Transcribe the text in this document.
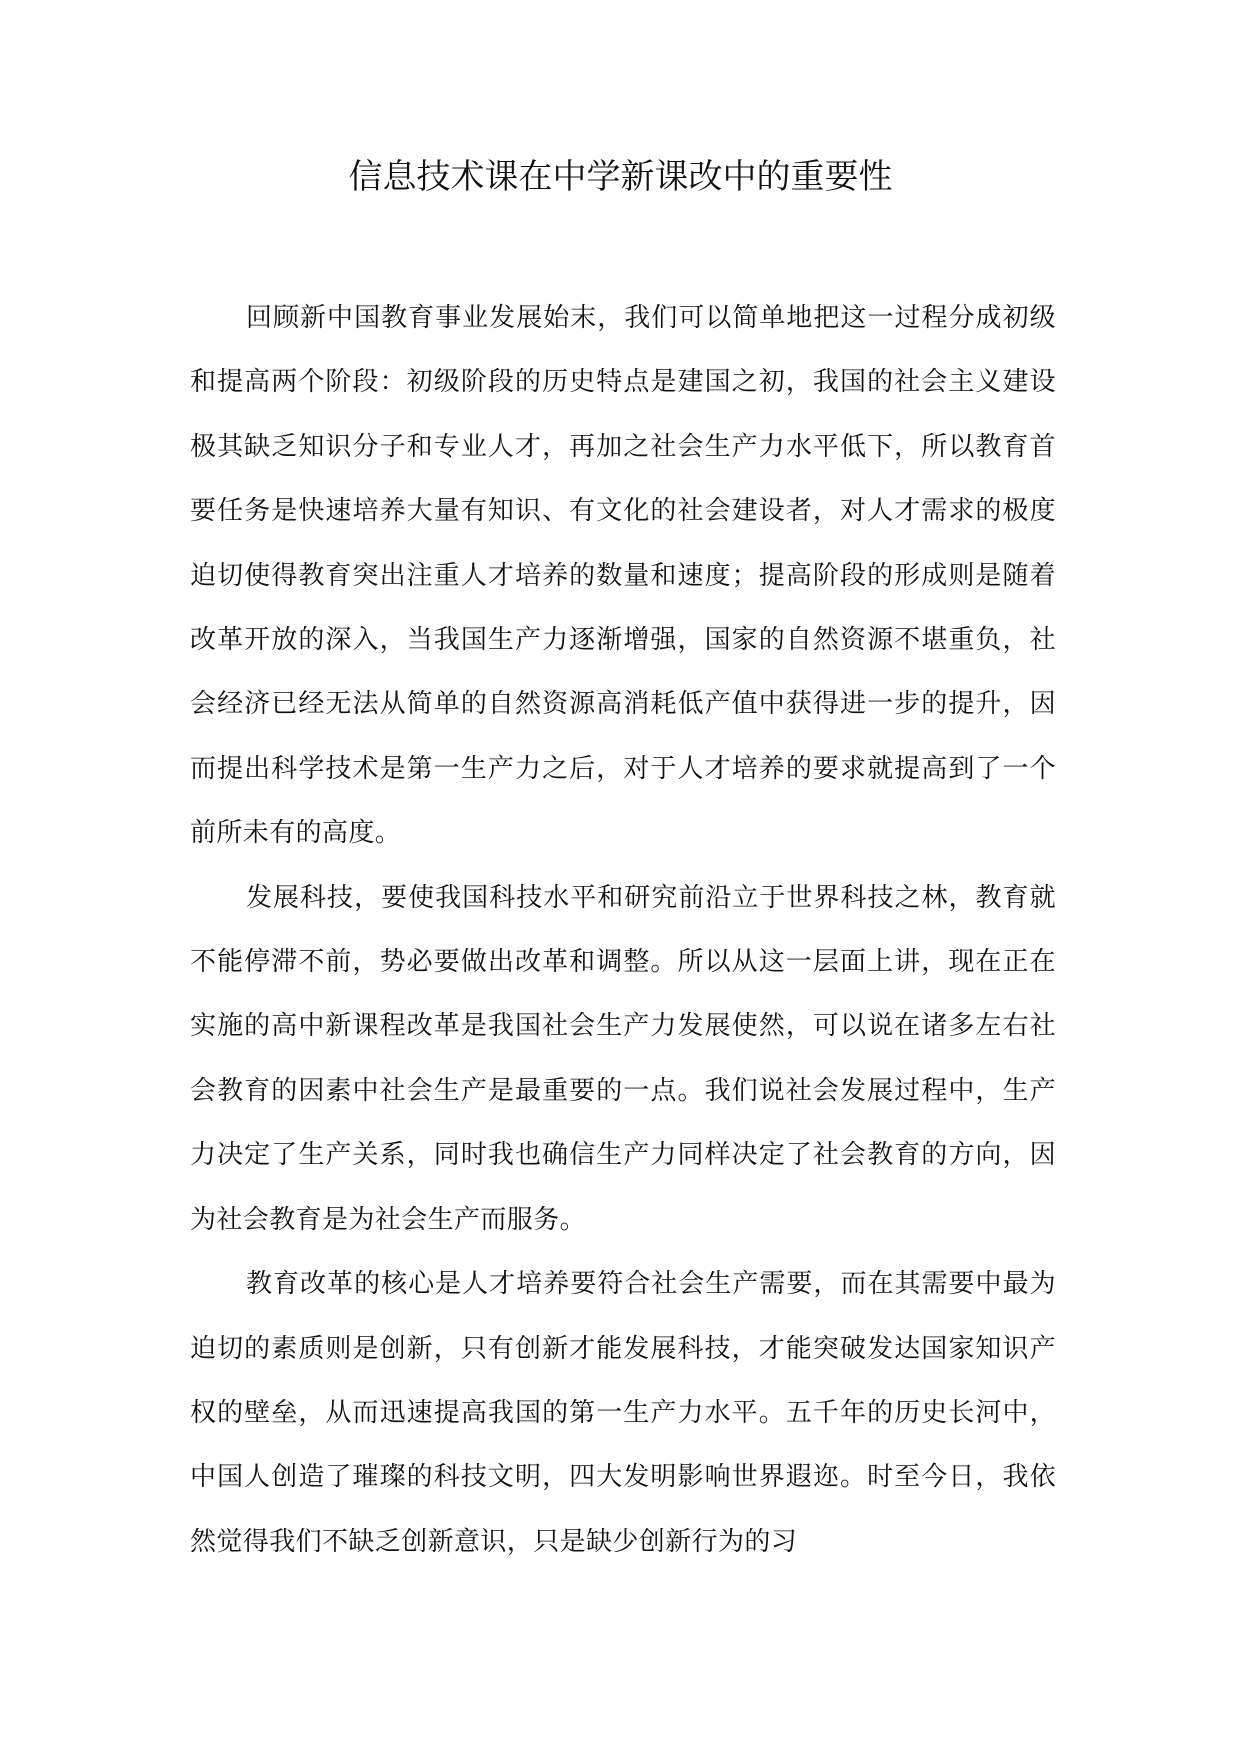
信息技术课在中学新课改中的重要性

回顾新中国教育事业发展始末，我们可以简单地把这一过程分成初级和提高两个阶段：初级阶段的历史特点是建国之初，我国的社会主义建设极其缺乏知识分子和专业人才，再加之社会生产力水平低下，所以教育首要任务是快速培养大量有知识、有文化的社会建设者，对人才需求的极度迫切使得教育突出注重人才培养的数量和速度；提高阶段的形成则是随着改革开放的深入，当我国生产力逐渐增强，国家的自然资源不堪重负，社会经济已经无法从简单的自然资源高消耗低产值中获得进一步的提升，因而提出科学技术是第一生产力之后，对于人才培养的要求就提高到了一个前所未有的高度。

发展科技，要使我国科技水平和研究前沿立于世界科技之林，教育就不能停滞不前，势必要做出改革和调整。所以从这一层面上讲，现在正在实施的高中新课程改革是我国社会生产力发展使然，可以说在诸多左右社会教育的因素中社会生产是最重要的一点。我们说社会发展过程中，生产力决定了生产关系，同时我也确信生产力同样决定了社会教育的方向，因为社会教育是为社会生产而服务。

教育改革的核心是人才培养要符合社会生产需要，而在其需要中最为迫切的素质则是创新，只有创新才能发展科技，才能突破发达国家知识产权的壁垒，从而迅速提高我国的第一生产力水平。五千年的历史长河中，中国人创造了璀璨的科技文明，四大发明影响世界遐迩。时至今日，我依然觉得我们不缺乏创新意识，只是缺少创新行为的习
